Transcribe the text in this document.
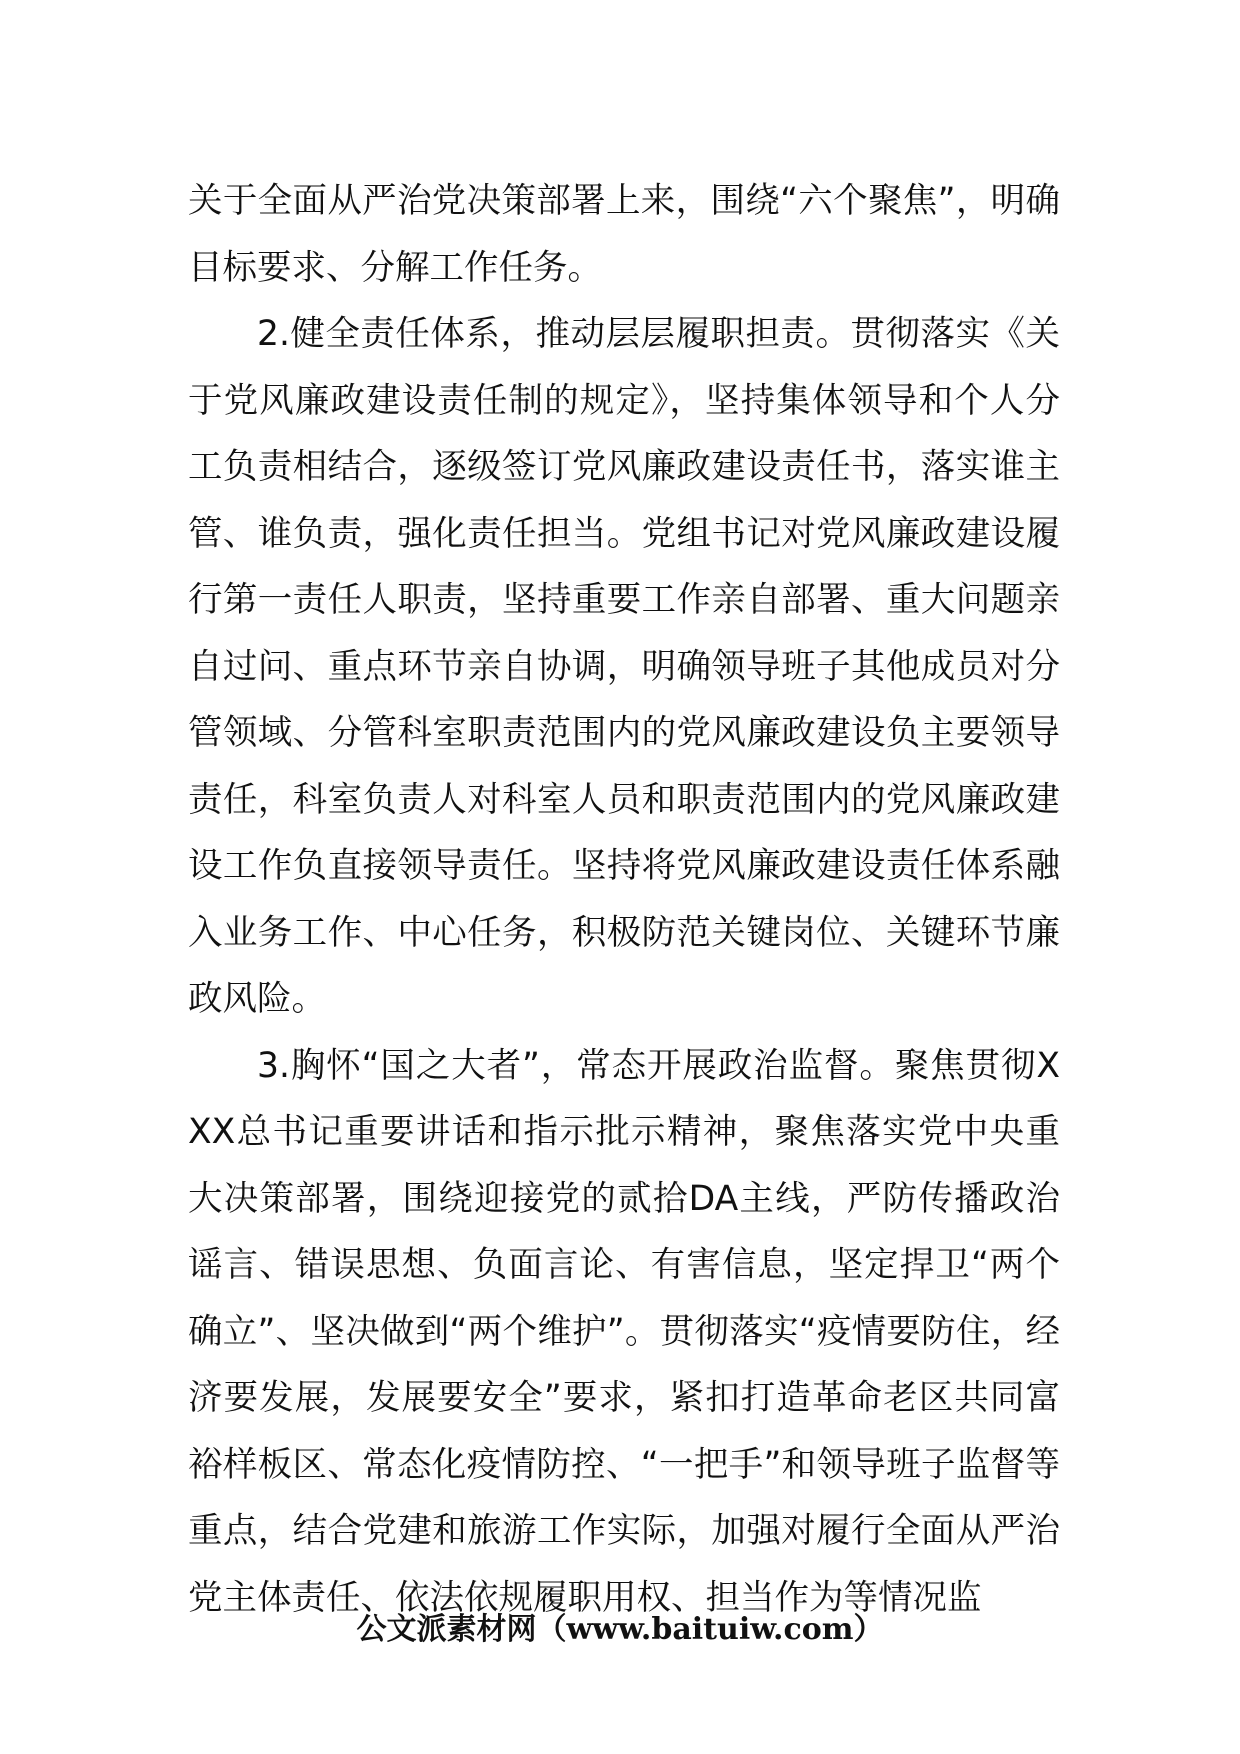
关于全面从严治党决策部署上来，围绕“六个聚焦”，明确目标要求、分解工作任务。

2.健全责任体系，推动层层履职担责。贯彻落实《关于党风廉政建设责任制的规定》，坚持集体领导和个人分工负责相结合，逐级签订党风廉政建设责任书，落实谁主管、谁负责，强化责任担当。党组书记对党风廉政建设履行第一责任人职责，坚持重要工作亲自部署、重大问题亲自过问、重点环节亲自协调，明确领导班子其他成员对分管领域、分管科室职责范围内的党风廉政建设负主要领导责任，科室负责人对科室人员和职责范围内的党风廉政建设工作负直接领导责任。坚持将党风廉政建设责任体系融入业务工作、中心任务，积极防范关键岗位、关键环节廉政风险。

3.胸怀“国之大者”，常态开展政治监督。聚焦贯彻XXX总书记重要讲话和指示批示精神，聚焦落实党中央重大决策部署，围绕迎接党的贰拾DA主线，严防传播政治谣言、错误思想、负面言论、有害信息，坚定捍卫“两个确立”、坚决做到“两个维护”。贯彻落实“疫情要防住，经济要发展，发展要安全”要求，紧扣打造革命老区共同富裕样板区、常态化疫情防控、“一把手”和领导班子监督等重点，结合党建和旅游工作实际，加强对履行全面从严治党主体责任、依法依规履职用权、担当作为等情况监

公文派素材网（www.baituiw.com）
